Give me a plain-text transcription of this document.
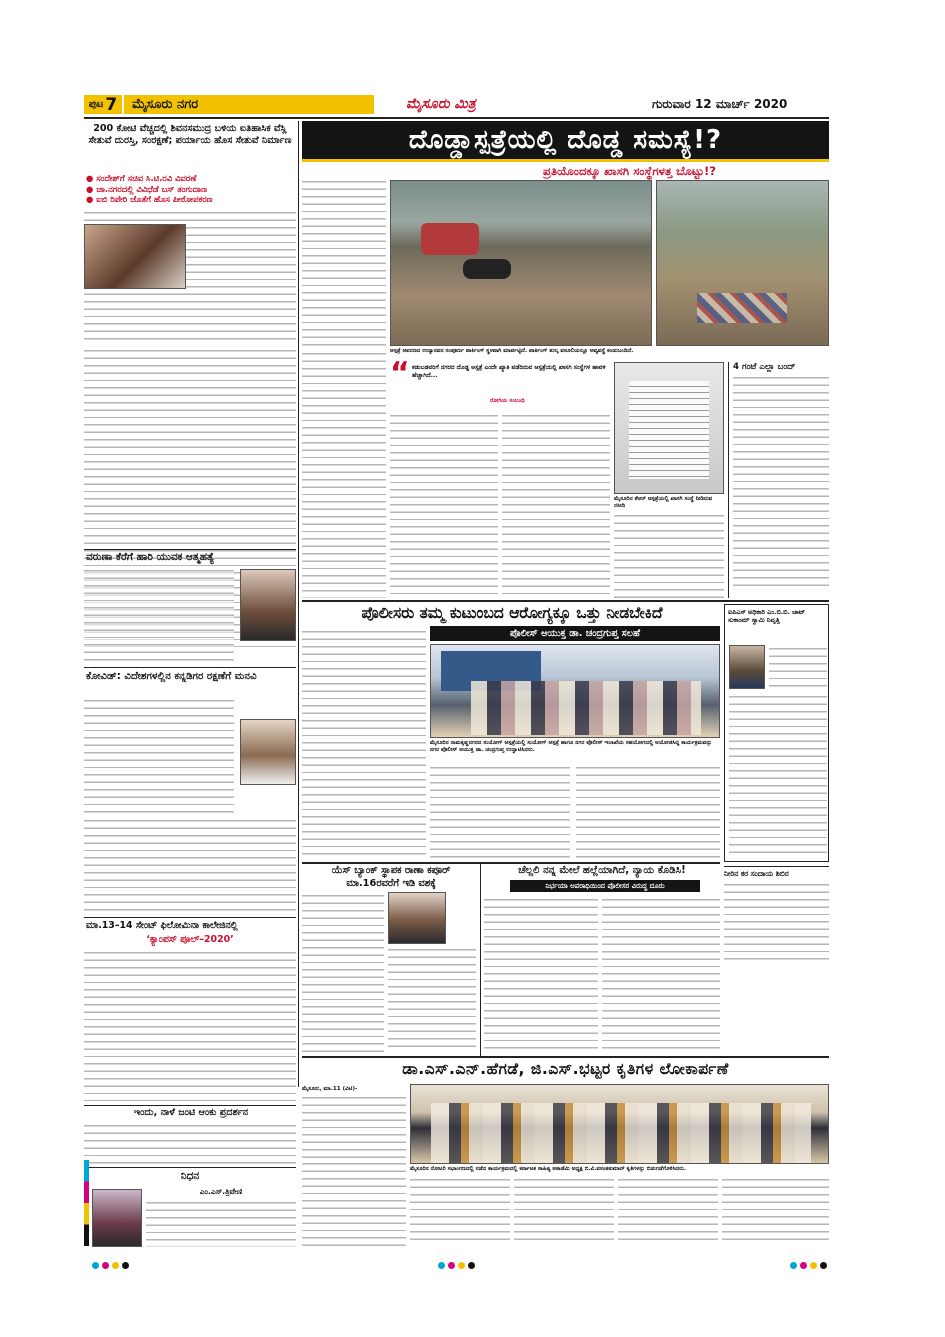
ಪುಟ 7 ಮೈಸೂರು ನಗರ	ಮೈಸೂರು ಮಿತ್ರ	ಗುರುವಾರ 12 ಮಾರ್ಚ್ 2020
200 ಕೋಟಿ ವೆಚ್ಚದಲ್ಲಿ ಶಿವನಸಮುದ್ರ ಬಳಿಯ ಐತಿಹಾಸಿಕ ವೆಸ್ಲಿ ಸೇತುವೆ ದುರಸ್ತಿ, ಸಂರಕ್ಷಣೆ; ಪರ್ಯಾಯ ಹೊಸ ಸೇತುವೆ ನಿರ್ಮಾಣ
● ಸಂದೇಶ್‌ಗೆ ಸಚಿವ ಸಿ.ಟಿ.ರವಿ ವಿವರಣೆ
● ಚಾ.ನಗರದಲ್ಲಿ ವಿವಿಧೆಡೆ ಬಸ್ ತಂಗುದಾಣ
● ಐಬಿ ರಿಪೇರಿ ಜೊತೆಗೆ ಹೊಸ ಪೀಠೋಪಕರಣ
ವರುಣಾ ಕೆರೆಗೆ ಹಾರಿ ಯುವಕ ಆತ್ಮಹತ್ಯೆ
ಕೋವಿಡ್: ವಿದೇಶಗಳಲ್ಲಿನ ಕನ್ನಡಿಗರ ರಕ್ಷಣೆಗೆ ಮನವಿ
ಮಾ.13–14 ಸೇಂಟ್ ಫಿಲೋಮಿನಾ ಕಾಲೇಜಿನಲ್ಲಿ
‘ಕ್ಯಾಂಪಸ್ ಪೂಲ್–2020’
ಇಂದು, ನಾಳೆ ಜಂಟಿ ಆಂಕು ಪ್ರದರ್ಶನ
ನಿಧನ
ಎಂ.ಎಸ್.ತ್ರಿವೇಣಿ
ದೊಡ್ಡಾಸ್ಪತ್ರೆಯಲ್ಲಿ ದೊಡ್ಡ ಸಮಸ್ಯೆ!?
ಪ್ರತಿಯೊಂದಕ್ಕೂ ಖಾಸಗಿ ಸಂಸ್ಥೆಗಳತ್ತ ಬೊಟ್ಟು!?
ಆಸ್ಪತ್ರೆ ಆವರಣದ ಉದ್ಯಾನವನ ಸಂಪೂರ್ಣ ಪಾರ್ಕಿಂಗ್ ಸ್ಥಳವಾಗಿ ಮಾರ್ಪಟ್ಟಿದೆ. ಪಾರ್ಕಿಂಗ್ ಶುಲ್ಕ ವಸೂಲಿಯಲ್ಲೂ ಅವ್ಯವಸ್ಥೆ ಕಂಡುಬಂದಿದೆ.
“ ಕಡುಬಡವರಿಗೆ ನಗರದ ದೊಡ್ಡ ಆಸ್ಪತ್ರೆ ಎಂದೇ ಖ್ಯಾತಿ ಪಡೆದಿರುವ ಆಸ್ಪತ್ರೆಯಲ್ಲಿ ಖಾಸಗಿ ಸಂಸ್ಥೆಗಳ ಹಾವಳಿ ಹೆಚ್ಚಾಗಿದೆ...
ರೋಗಿಯ ಸಂಬಂಧಿ
ಮೈಸೂರಿನ ಕೆಆರ್ ಆಸ್ಪತ್ರೆಯಲ್ಲಿ ಖಾಸಗಿ ಸಂಸ್ಥೆ ನೀಡಿರುವ ರಸೀದಿ
4 ಗಂಟೆ ಎಲ್ಲಾ ಬಂದ್
ಪೊಲೀಸರು ತಮ್ಮ ಕುಟುಂಬದ ಆರೋಗ್ಯಕ್ಕೂ ಒತ್ತು ನೀಡಬೇಕಿದೆ
ಪೊಲೀಸ್ ಆಯುಕ್ತ ಡಾ. ಚಂದ್ರಗುಪ್ತ ಸಲಹೆ
ಮೈಸೂರಿನ ರಾಮಕೃಷ್ಣನಗರದ ಸುಯೋಗ್ ಆಸ್ಪತ್ರೆಯಲ್ಲಿ ಸುಯೋಗ್ ಆಸ್ಪತ್ರೆ ಹಾಗೂ ನಗರ ಪೊಲೀಸ್ ಇಲಾಖೆಯ ಸಹಯೋಗದಲ್ಲಿ ಆಯೋಜಿಸಿದ್ದ ಕಾರ್ಯಕ್ರಮವನ್ನು ನಗರ ಪೊಲೀಸ್ ಆಯುಕ್ತ ಡಾ. ಚಂದ್ರಗುಪ್ತ ಉದ್ಘಾಟಿಸಿದರು.
ಐಪಿಎಸ್ ಅಧಿಕಾರಿ ಎಂ.ಬಿ.ಬಿ. ಚಾಟ್ ಸುಕಾಂಮ್ ಸ್ವಾಮಿ ನಿವೃತ್ತಿ
ನೀರಿನ ಕರ ಸಂದಾಯ ಶಿಬಿರ
ಯೆಸ್ ಬ್ಯಾಂಕ್ ಸ್ಥಾಪಕ ರಾಣಾ ಕಪೂರ್ ಮಾ.16ರವರೆಗೆ ಇಡಿ ವಶಕ್ಕೆ
ಚೆಲ್ಲಲಿ ನನ್ನ ಮೇಲೆ ಹಲ್ಲೆಯಾಗಿದೆ, ನ್ಯಾಯ ಕೊಡಿಸಿ!
ನಿರ್ಭಯಾ ಅಪರಾಧಿಯಿಂದ ಪೊಲೀಸರ ವಿರುದ್ಧ ದೂರು
ಡಾ.ಎಸ್.ಎನ್.ಹೆಗಡೆ, ಜಿ.ಎಸ್.ಭಟ್ಟರ ಕೃತಿಗಳ ಲೋಕಾರ್ಪಣೆ
ಮೈಸೂರು, ಮಾ.11 (ವಿಟಿ)-
ಮೈಸೂರಿನ ರೋಟರಿ ಸಭಾಂಗಣದಲ್ಲಿ ನಡೆದ ಕಾರ್ಯಕ್ರಮದಲ್ಲಿ ಕರ್ನಾಟಕ ಸಾಹಿತ್ಯ ಅಕಾಡೆಮಿ ಅಧ್ಯಕ್ಷ ಬಿ.ವಿ.ವಸಂತಕುಮಾರ್ ಕೃತಿಗಳನ್ನು ಬಿಡುಗಡೆಗೊಳಿಸಿದರು.
